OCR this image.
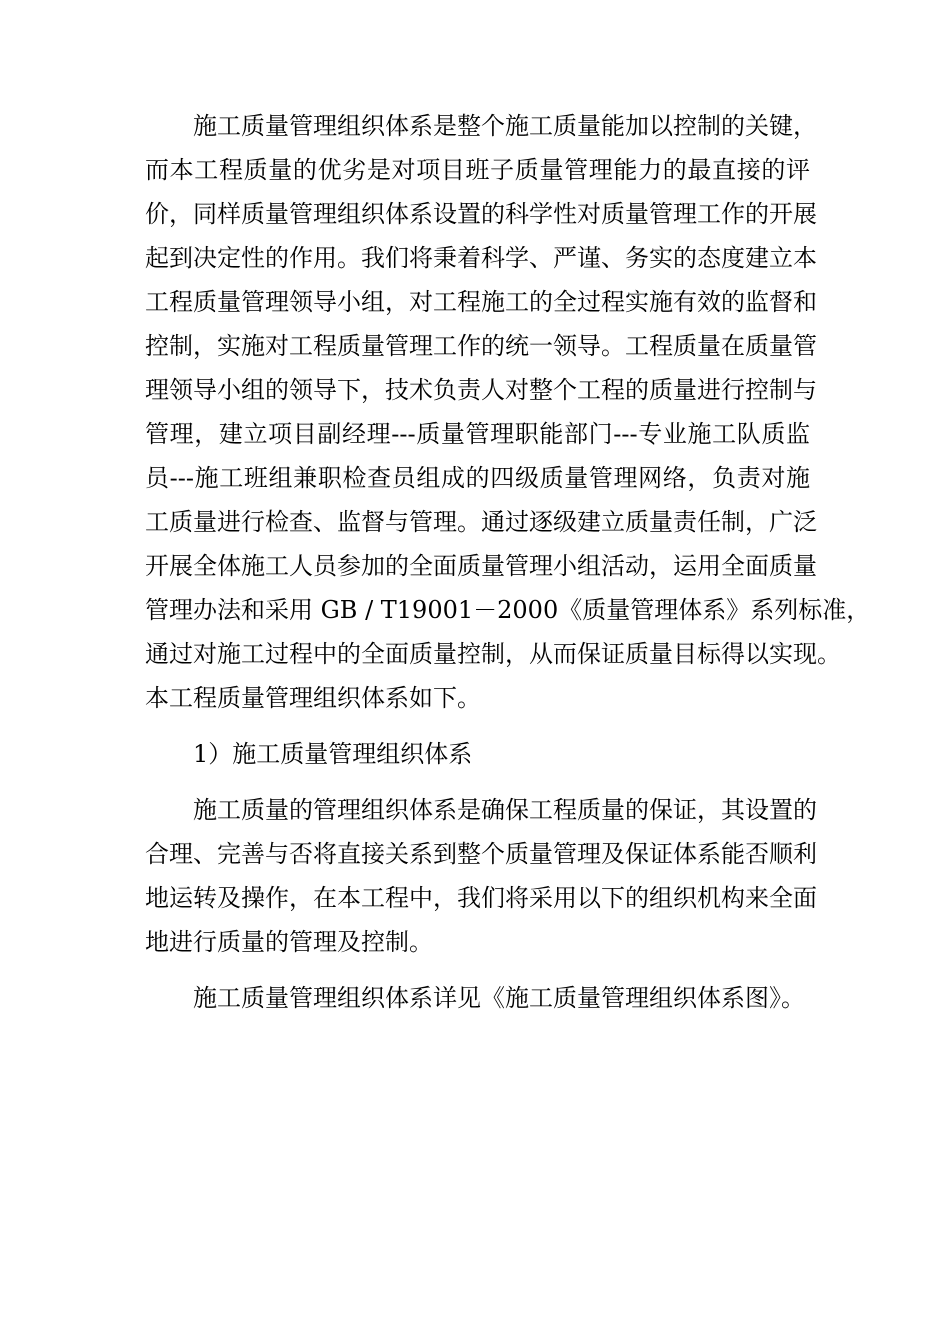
施工质量管理组织体系是整个施工质量能加以控制的关键，
而本工程质量的优劣是对项目班子质量管理能力的最直接的评
价，同样质量管理组织体系设置的科学性对质量管理工作的开展
起到决定性的作用。我们将秉着科学、严谨、务实的态度建立本
工程质量管理领导小组，对工程施工的全过程实施有效的监督和
控制，实施对工程质量管理工作的统一领导。工程质量在质量管
理领导小组的领导下，技术负责人对整个工程的质量进行控制与
管理，建立项目副经理---质量管理职能部门---专业施工队质监
员---施工班组兼职检查员组成的四级质量管理网络，负责对施
工质量进行检查、监督与管理。通过逐级建立质量责任制，广泛
开展全体施工人员参加的全面质量管理小组活动，运用全面质量
管理办法和采用 GB / T19001－2000《质量管理体系》系列标准，
通过对施工过程中的全面质量控制，从而保证质量目标得以实现。
本工程质量管理组织体系如下。
1）施工质量管理组织体系
施工质量的管理组织体系是确保工程质量的保证，其设置的
合理、完善与否将直接关系到整个质量管理及保证体系能否顺利
地运转及操作，在本工程中，我们将采用以下的组织机构来全面
地进行质量的管理及控制。
施工质量管理组织体系详见《施工质量管理组织体系图》。
